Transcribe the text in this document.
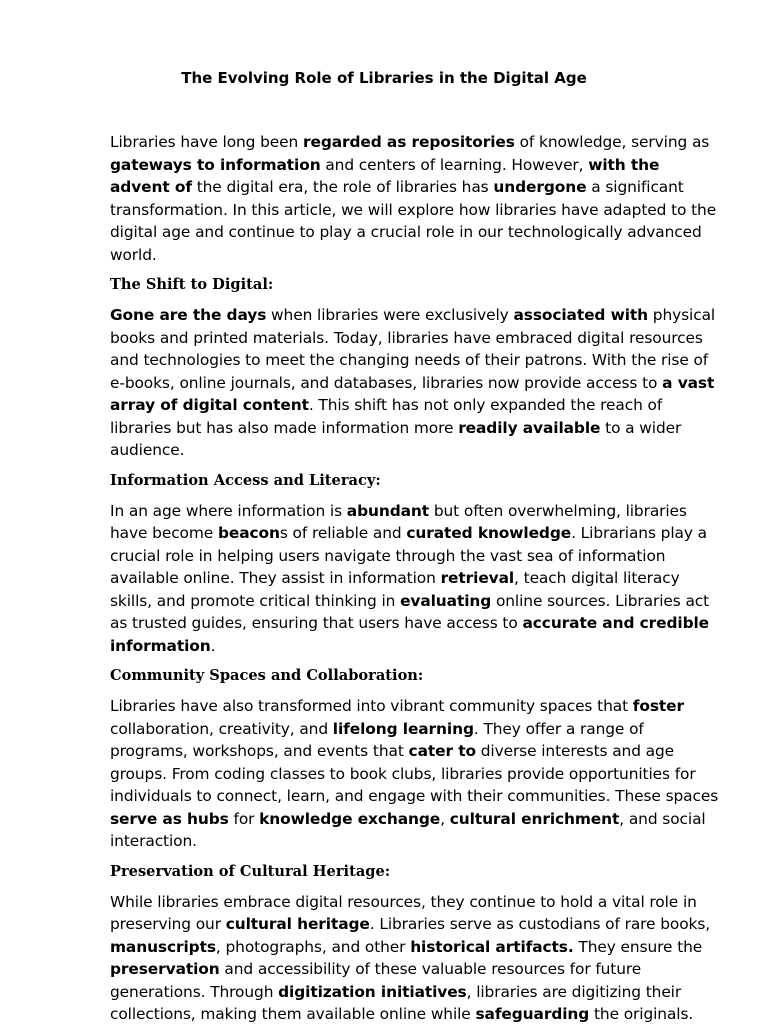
The Evolving Role of Libraries in the Digital Age

Libraries have long been regarded as repositories of knowledge, serving as gateways to information and centers of learning. However, with the advent of the digital era, the role of libraries has undergone a significant transformation. In this article, we will explore how libraries have adapted to the digital age and continue to play a crucial role in our technologically advanced world.

The Shift to Digital:

Gone are the days when libraries were exclusively associated with physical books and printed materials. Today, libraries have embraced digital resources and technologies to meet the changing needs of their patrons. With the rise of e-books, online journals, and databases, libraries now provide access to a vast array of digital content. This shift has not only expanded the reach of libraries but has also made information more readily available to a wider audience.

Information Access and Literacy:

In an age where information is abundant but often overwhelming, libraries have become beacons of reliable and curated knowledge. Librarians play a crucial role in helping users navigate through the vast sea of information available online. They assist in information retrieval, teach digital literacy skills, and promote critical thinking in evaluating online sources. Libraries act as trusted guides, ensuring that users have access to accurate and credible information.

Community Spaces and Collaboration:

Libraries have also transformed into vibrant community spaces that foster collaboration, creativity, and lifelong learning. They offer a range of programs, workshops, and events that cater to diverse interests and age groups. From coding classes to book clubs, libraries provide opportunities for individuals to connect, learn, and engage with their communities. These spaces serve as hubs for knowledge exchange, cultural enrichment, and social interaction.

Preservation of Cultural Heritage:

While libraries embrace digital resources, they continue to hold a vital role in preserving our cultural heritage. Libraries serve as custodians of rare books, manuscripts, photographs, and other historical artifacts. They ensure the preservation and accessibility of these valuable resources for future generations. Through digitization initiatives, libraries are digitizing their collections, making them available online while safeguarding the originals.
